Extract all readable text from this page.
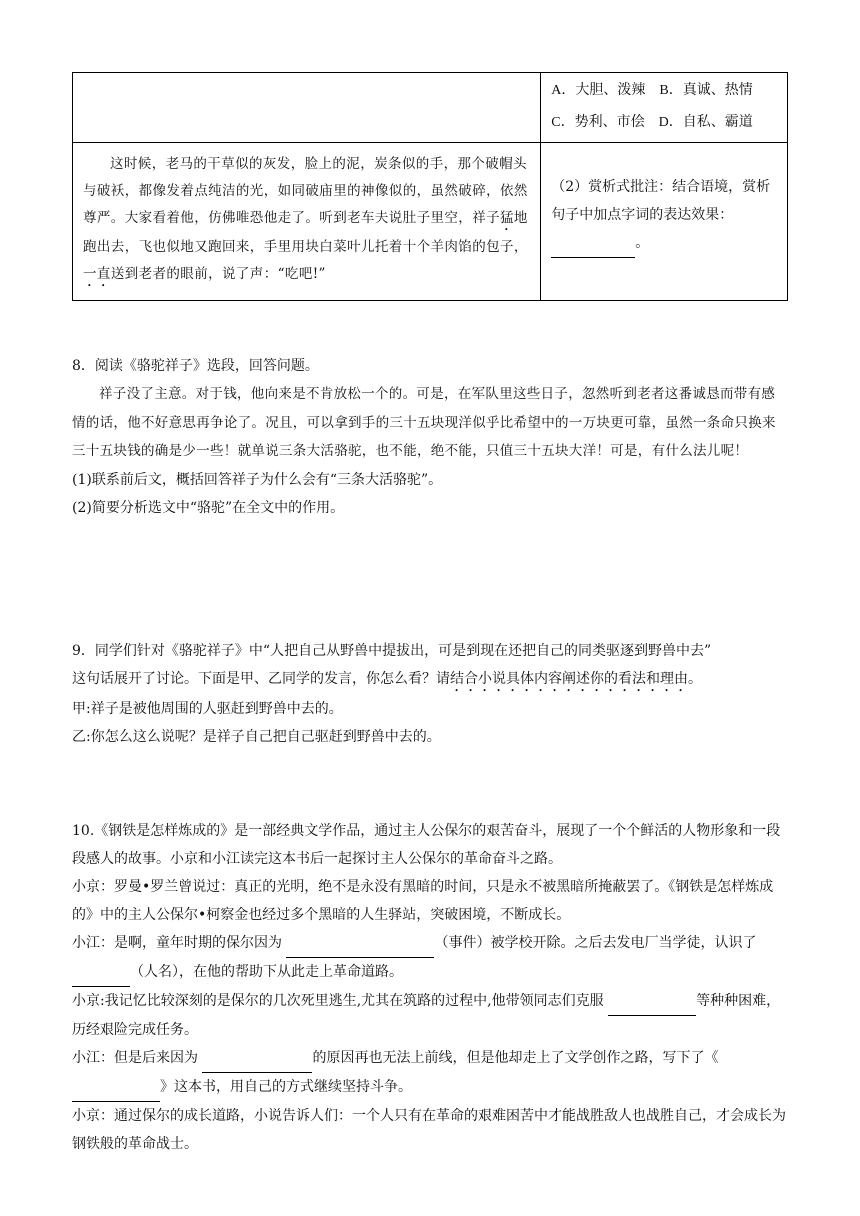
	A．大胆、泼辣 B．真诚、热情
C．势利、市侩 D．自私、霸道

这时候，老马的干草似的灰发，脸上的泥，炭条似的手，那个破帽头与破袄，都像发着点纯洁的光，如同破庙里的神像似的，虽然破碎，依然尊严。大家看着他，仿佛唯恐他走了。听到老车夫说肚子里空，祥子猛地跑出去，飞也似地又跑回来，手里用块白菜叶儿托着十个羊肉馅的包子，一直送到老者的眼前，说了声：“吃吧!”	（2）赏析式批注：结合语境，赏析句子中加点字词的表达效果： 。
8．阅读《骆驼祥子》选段，回答问题。
祥子没了主意。对于钱，他向来是不肯放松一个的。可是，在军队里这些日子，忽然听到老者这番诚恳而带有感情的话，他不好意思再争论了。况且，可以拿到手的三十五块现洋似乎比希望中的一万块更可靠，虽然一条命只换来三十五块钱的确是少一些！就单说三条大活骆驼，也不能，绝不能，只值三十五块大洋！可是，有什么法儿呢！
(1)联系前后文，概括回答祥子为什么会有“三条大活骆驼”。
(2)简要分析选文中“骆驼”在全文中的作用。
9．同学们针对《骆驼祥子》中“人把自己从野兽中提拔出，可是到现在还把自己的同类驱逐到野兽中去”
这句话展开了讨论。下面是甲、乙同学的发言，你怎么看？请结合小说具体内容阐述你的看法和理由。
甲:祥子是被他周围的人驱赶到野兽中去的。
乙:你怎么这么说呢？是祥子自己把自己驱赶到野兽中去的。
10.《钢铁是怎样炼成的》是一部经典文学作品，通过主人公保尔的艰苦奋斗，展现了一个个鲜活的人物形象和一段段感人的故事。小京和小江读完这本书后一起探讨主人公保尔的革命奋斗之路。
小京：罗曼•罗兰曾说过：真正的光明，绝不是永没有黑暗的时间，只是永不被黑暗所掩蔽罢了。《钢铁是怎样炼成的》中的主人公保尔•柯察金也经过多个黑暗的人生驿站，突破困境，不断成长。
小江：是啊，童年时期的保尔因为	（事件）被学校开除。之后去发电厂当学徒，认识了  （人名），在他的帮助下从此走上革命道路。
小京:我记忆比较深刻的是保尔的几次死里逃生,尤其在筑路的过程中,他带领同志们克服	等种种困难，历经艰险完成任务。
小江：但是后来因为	的原因再也无法上前线，但是他却走上了文学创作之路，写下了《 》这本书，用自己的方式继续坚持斗争。
小京：通过保尔的成长道路，小说告诉人们：一个人只有在革命的艰难困苦中才能战胜敌人也战胜自己，才会成长为钢铁般的革命战士。
